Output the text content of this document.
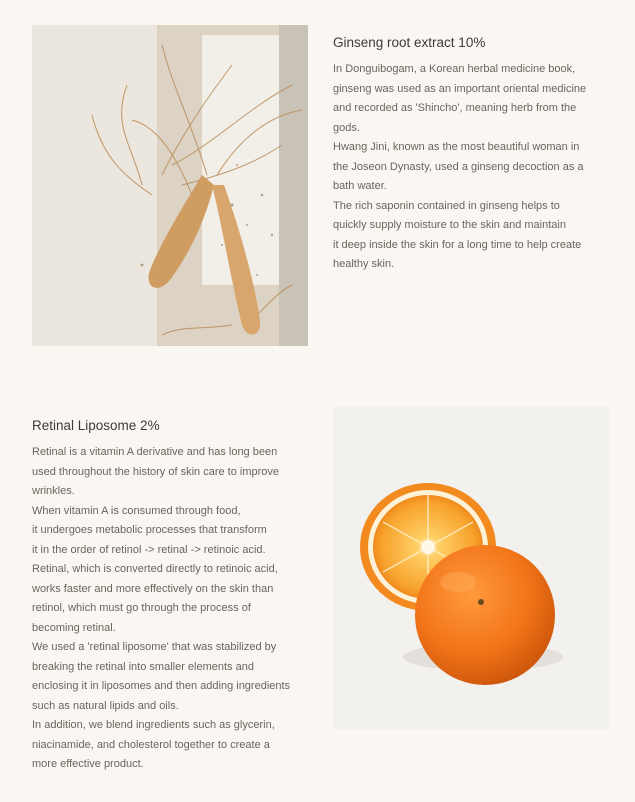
Ginseng root extract 10%

In Donguibogam, a Korean herbal medicine book,

ginseng was used as an important oriental medicine

and recorded as 'Shincho', meaning herb from the

gods.

Hwang Jini, known as the most beautiful woman in

the Joseon Dynasty, used a ginseng decoction as a

bath water.

The rich saponin contained in ginseng helps to

quickly supply moisture to the skin and maintain

it deep inside the skin for a long time to help create

healthy skin.

Retinal Liposome 2%

Retinal is a vitamin A derivative and has long been

used throughout the history of skin care to improve

wrinkles.

When vitamin A is consumed through food,

it undergoes metabolic processes that transform

it in the order of retinol -> retinal -> retinoic acid.

Retinal, which is converted directly to retinoic acid,

works faster and more effectively on the skin than

retinol, which must go through the process of

becoming retinal.

We used a 'retinal liposome' that was stabilized by

breaking the retinal into smaller elements and

enclosing it in liposomes and then adding ingredients

such as natural lipids and oils.

In addition, we blend ingredients such as glycerin,

niacinamide, and cholesterol together to create a

more effective product.
